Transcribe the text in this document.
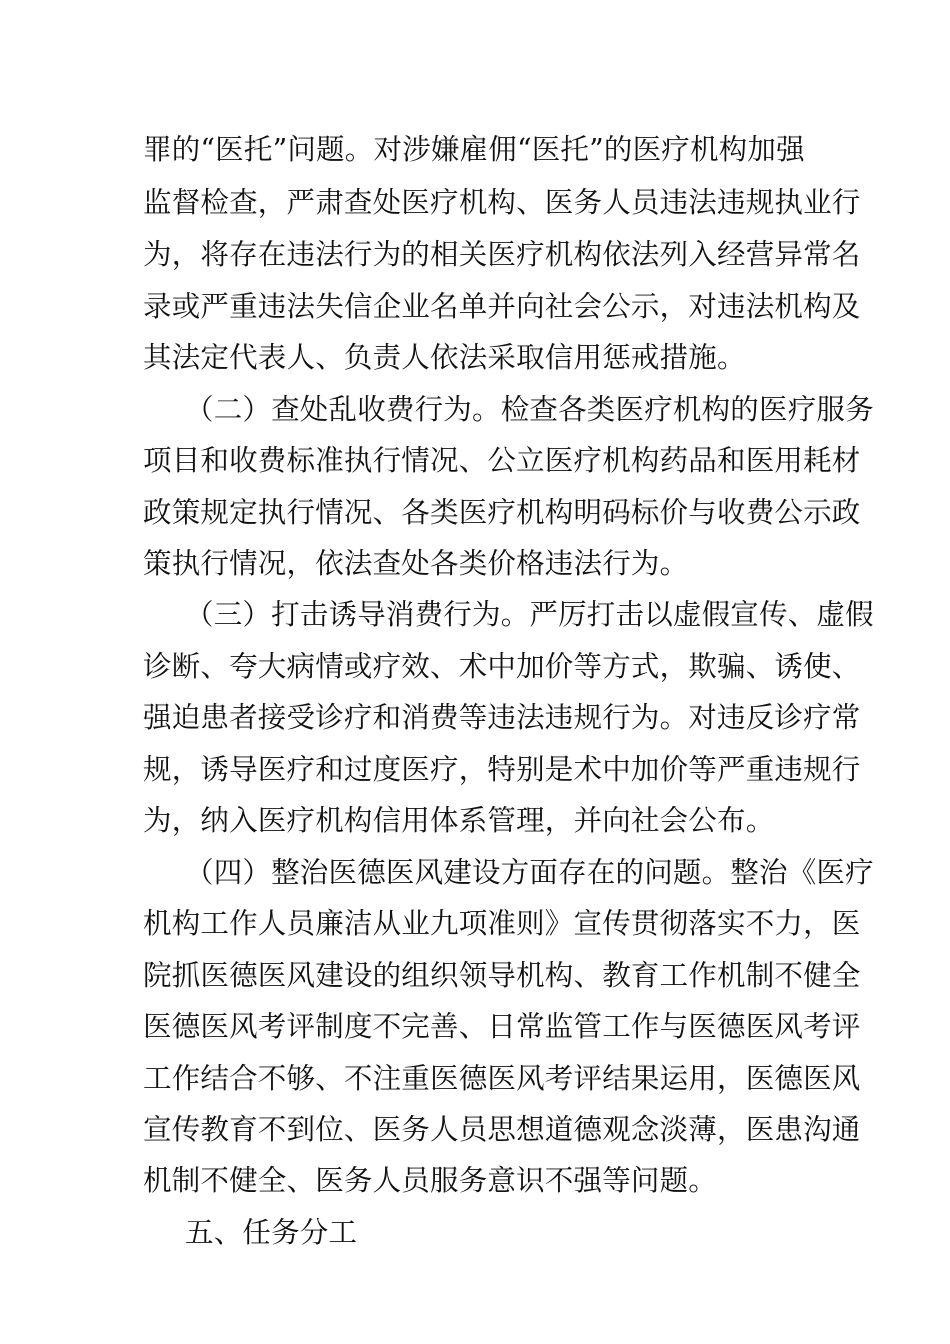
罪的“医托”问题。对涉嫌雇佣“医托”的医疗机构加强
监督检查，严肃查处医疗机构、医务人员违法违规执业行
为，将存在违法行为的相关医疗机构依法列入经营异常名
录或严重违法失信企业名单并向社会公示，对违法机构及
其法定代表人、负责人依法采取信用惩戒措施。
（二）查处乱收费行为。检查各类医疗机构的医疗服务
项目和收费标准执行情况、公立医疗机构药品和医用耗材
政策规定执行情况、各类医疗机构明码标价与收费公示政
策执行情况，依法查处各类价格违法行为。
（三）打击诱导消费行为。严厉打击以虚假宣传、虚假
诊断、夸大病情或疗效、术中加价等方式，欺骗、诱使、
强迫患者接受诊疗和消费等违法违规行为。对违反诊疗常
规，诱导医疗和过度医疗，特别是术中加价等严重违规行
为，纳入医疗机构信用体系管理，并向社会公布。
（四）整治医德医风建设方面存在的问题。整治《医疗
机构工作人员廉洁从业九项准则》宣传贯彻落实不力，医
院抓医德医风建设的组织领导机构、教育工作机制不健全
医德医风考评制度不完善、日常监管工作与医德医风考评
工作结合不够、不注重医德医风考评结果运用，医德医风
宣传教育不到位、医务人员思想道德观念淡薄，医患沟通
机制不健全、医务人员服务意识不强等问题。
五、任务分工
